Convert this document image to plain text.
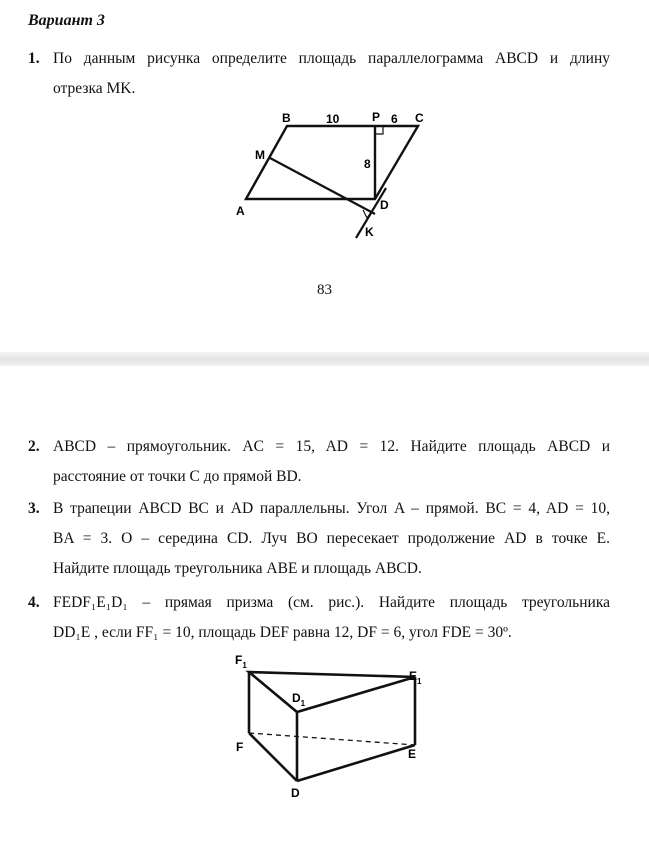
Вариант 3
1. По данным рисунка определите площадь параллелограмма ABCD и длину
отрезка MK.
B	10	P 6 C
M
8
A	D
K
83
2. ABCD – прямоугольник. AC = 15, AD = 12. Найдите площадь ABCD и
расстояние от точки C до прямой BD.
3. В трапеции ABCD BC и AD параллельны. Угол A – прямой. BC = 4, AD = 10,
BA = 3. O – середина CD. Луч BO пересекает продолжение AD в точке E.
Найдите площадь треугольника ABE и площадь ABCD.
4. FEDF₁E₁D₁ – прямая призма (см. рис.). Найдите площадь треугольника
DD₁E , если FF₁ = 10, площадь DEF равна 12, DF = 6, угол FDE = 30º.
$F_1$
$E_1$
$D_1$
F	E
D
